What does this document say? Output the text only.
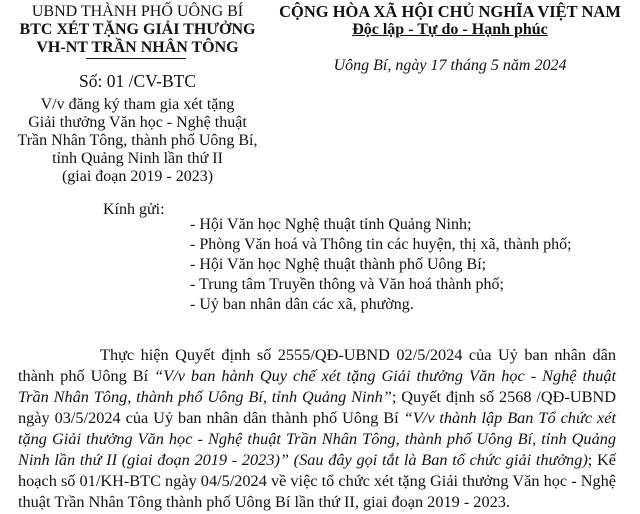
UBND THÀNH PHỐ UÔNG BÍ
BTC XÉT TẶNG GIẢI THƯỞNG
VH-NT TRẦN NHÂN TÔNG
Số: 01 /CV-BTC
V/v đăng ký tham gia xét tặng
Giải thưởng Văn học - Nghệ thuật
Trần Nhân Tông, thành phố Uông Bí,
tỉnh Quảng Ninh lần thứ II
(giai đoạn 2019 - 2023)
CỘNG HÒA XÃ HỘI CHỦ NGHĨA VIỆT NAM
Độc lập - Tự do - Hạnh phúc
Uông Bí, ngày 17 tháng 5 năm 2024
Kính gửi:
- Hội Văn học Nghệ thuật tỉnh Quảng Ninh;
- Phòng Văn hoá và Thông tin các huyện, thị xã, thành phố;
- Hội Văn học Nghệ thuật thành phố Uông Bí;
- Trung tâm Truyền thông và Văn hoá thành phố;
- Uỷ ban nhân dân các xã, phường.

Thực hiện Quyết định số 2555/QĐ-UBND 02/5/2024 của Uỷ ban nhân dân thành phố Uông Bí “V/v ban hành Quy chế xét tặng Giải thưởng Văn học - Nghệ thuật Trần Nhân Tông, thành phố Uông Bí, tỉnh Quảng Ninh”; Quyết định số 2568 /QĐ-UBND ngày 03/5/2024 của Uỷ ban nhân dân thành phố Uông Bí “V/v thành lập Ban Tổ chức xét tặng Giải thưởng Văn học - Nghệ thuật Trần Nhân Tông, thành phố Uông Bí, tỉnh Quảng Ninh lần thứ II (giai đoạn 2019 - 2023)” (Sau đây gọi tắt là Ban tổ chức giải thưởng); Kế hoạch số 01/KH-BTC ngày 04/5/2024 về việc tổ chức xét tặng Giải thưởng Văn học - Nghệ thuật Trần Nhân Tông thành phố Uông Bí lần thứ II, giai đoạn 2019 - 2023.
